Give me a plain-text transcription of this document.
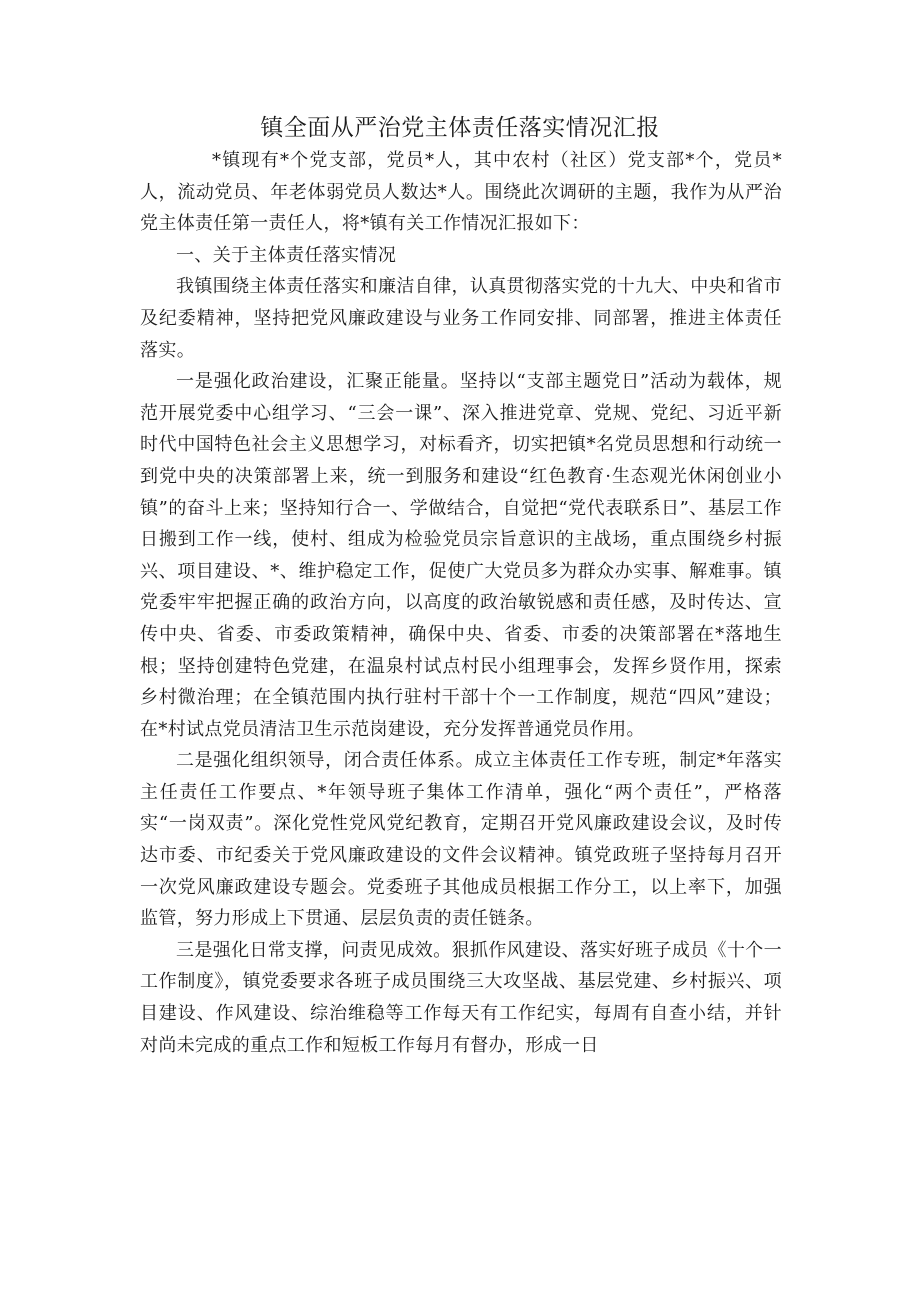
镇全面从严治党主体责任落实情况汇报

*镇现有*个党支部，党员*人，其中农村（社区）党支部*个，党员*人，流动党员、年老体弱党员人数达*人。围绕此次调研的主题，我作为从严治党主体责任第一责任人，将*镇有关工作情况汇报如下：

一、关于主体责任落实情况

我镇围绕主体责任落实和廉洁自律，认真贯彻落实党的十九大、中央和省市及纪委精神，坚持把党风廉政建设与业务工作同安排、同部署，推进主体责任落实。

一是强化政治建设，汇聚正能量。坚持以“支部主题党日”活动为载体，规范开展党委中心组学习、“三会一课”、深入推进党章、党规、党纪、习近平新时代中国特色社会主义思想学习，对标看齐，切实把镇*名党员思想和行动统一到党中央的决策部署上来，统一到服务和建设“红色教育·生态观光休闲创业小镇”的奋斗上来；坚持知行合一、学做结合，自觉把“党代表联系日”、基层工作日搬到工作一线，使村、组成为检验党员宗旨意识的主战场，重点围绕乡村振兴、项目建设、*、维护稳定工作，促使广大党员多为群众办实事、解难事。镇党委牢牢把握正确的政治方向，以高度的政治敏锐感和责任感，及时传达、宣传中央、省委、市委政策精神，确保中央、省委、市委的决策部署在*落地生根；坚持创建特色党建，在温泉村试点村民小组理事会，发挥乡贤作用，探索乡村微治理；在全镇范围内执行驻村干部十个一工作制度，规范“四风”建设；在*村试点党员清洁卫生示范岗建设，充分发挥普通党员作用。

二是强化组织领导，闭合责任体系。成立主体责任工作专班，制定*年落实主任责任工作要点、*年领导班子集体工作清单，强化“两个责任”，严格落实“一岗双责”。深化党性党风党纪教育，定期召开党风廉政建设会议，及时传达市委、市纪委关于党风廉政建设的文件会议精神。镇党政班子坚持每月召开一次党风廉政建设专题会。党委班子其他成员根据工作分工，以上率下，加强监管，努力形成上下贯通、层层负责的责任链条。

三是强化日常支撑，问责见成效。狠抓作风建设、落实好班子成员《十个一工作制度》，镇党委要求各班子成员围绕三大攻坚战、基层党建、乡村振兴、项目建设、作风建设、综治维稳等工作每天有工作纪实，每周有自查小结，并针对尚未完成的重点工作和短板工作每月有督办，形成一日
